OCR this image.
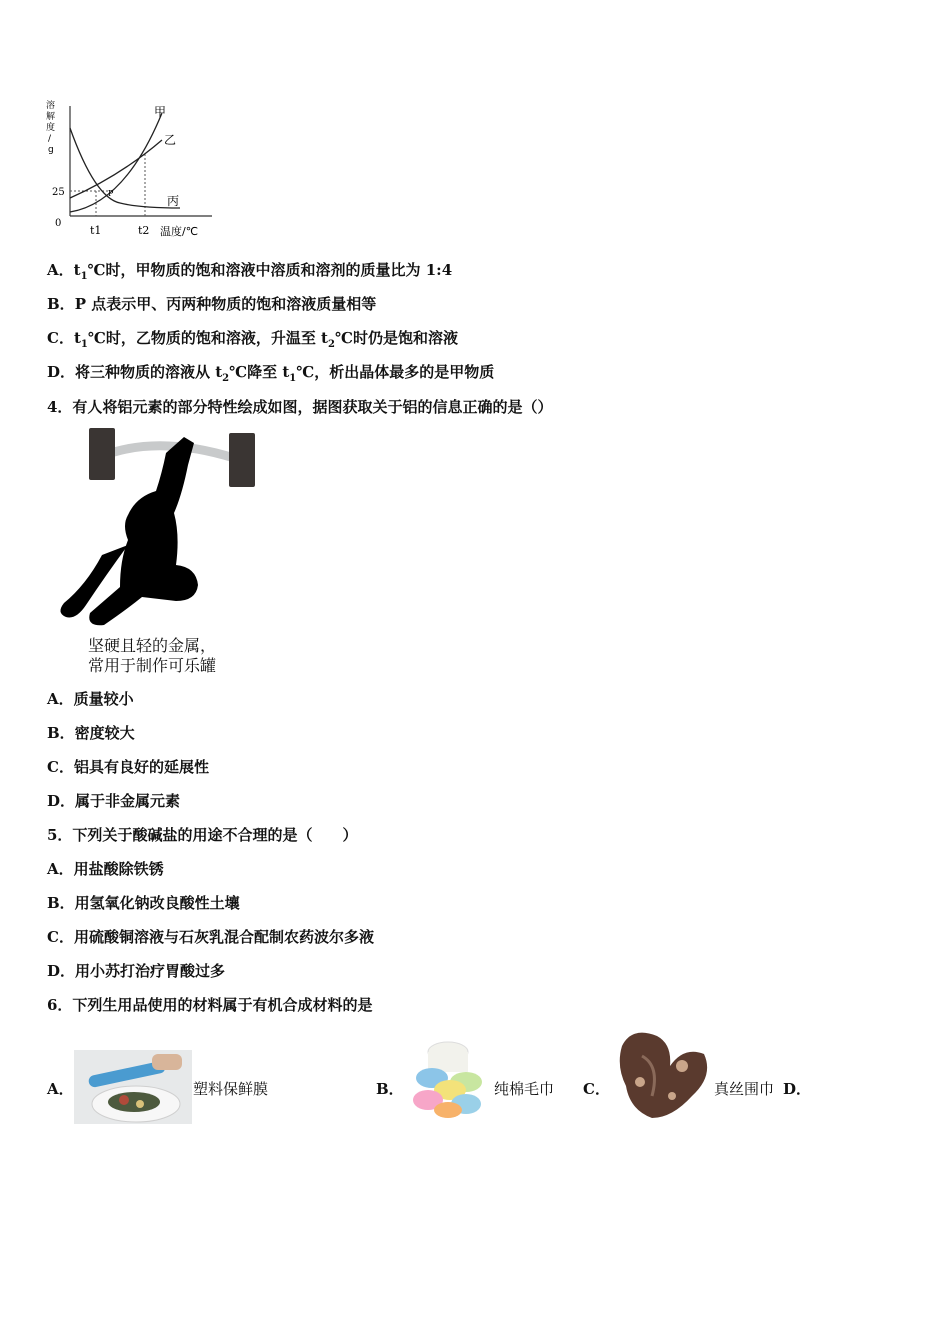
溶
解
度
/
g
0
25
t1	t2 温度/℃
P
甲
乙
丙
A．$t_1℃$时，甲物质的饱和溶液中溶质和溶剂的质量比为 1:4
B．P 点表示甲、丙两种物质的饱和溶液质量相等
C．$t_1℃$时，乙物质的饱和溶液，升温至 $t_2℃$时仍是饱和溶液
D．将三种物质的溶液从 $t_2℃$降至 $t_1℃$，析出晶体最多的是甲物质
4．有人将铝元素的部分特性绘成如图，据图获取关于铝的信息正确的是（）
坚硬且轻的金属，
常用于制作可乐罐
A．质量较小
B．密度较大
C．铝具有良好的延展性
D．属于非金属元素
5．下列关于酸碱盐的用途不合理的是（　　）
A．用盐酸除铁锈
B．用氢氧化钠改良酸性土壤
C．用硫酸铜溶液与石灰乳混合配制农药波尔多液
D．用小苏打治疗胃酸过多
6．下列生用品使用的材料属于有机合成材料的是
A．	塑料保鲜膜	B．	纯棉毛巾 C．	真丝围巾 D．
